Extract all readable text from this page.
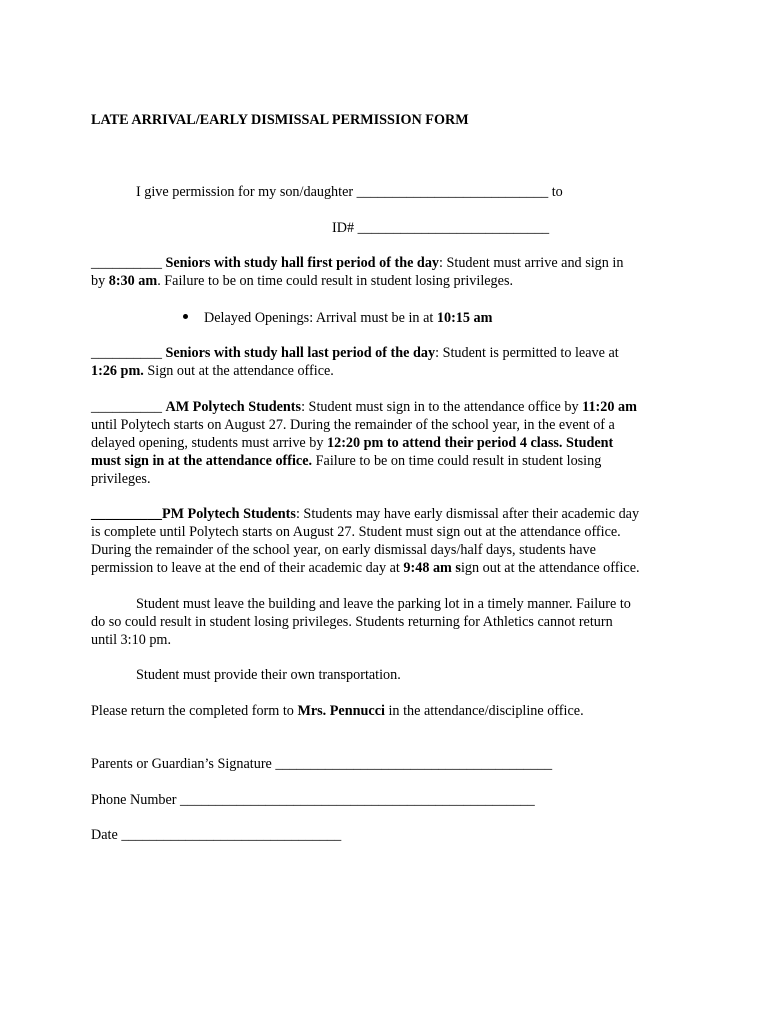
LATE ARRIVAL/EARLY DISMISSAL PERMISSION FORM
I give permission for my son/daughter ___________________________ to
ID# ___________________________
__________ Seniors with study hall first period of the day: Student must arrive and sign in
by 8:30 am. Failure to be on time could result in student losing privileges.
Delayed Openings: Arrival must be in at 10:15 am
__________ Seniors with study hall last period of the day: Student is permitted to leave at
1:26 pm. Sign out at the attendance office.
__________ AM Polytech Students: Student must sign in to the attendance office by 11:20 am
until Polytech starts on August 27. During the remainder of the school year, in the event of a
delayed opening, students must arrive by 12:20 pm to attend their period 4 class. Student
must sign in at the attendance office. Failure to be on time could result in student losing
privileges.
__________PM Polytech Students: Students may have early dismissal after their academic day
is complete until Polytech starts on August 27. Student must sign out at the attendance office.
During the remainder of the school year, on early dismissal days/half days, students have
permission to leave at the end of their academic day at 9:48 am sign out at the attendance office.
Student must leave the building and leave the parking lot in a timely manner. Failure to
do so could result in student losing privileges. Students returning for Athletics cannot return
until 3:10 pm.
Student must provide their own transportation.
Please return the completed form to Mrs. Pennucci in the attendance/discipline office.
Parents or Guardian’s Signature _______________________________________
Phone Number __________________________________________________
Date _______________________________
